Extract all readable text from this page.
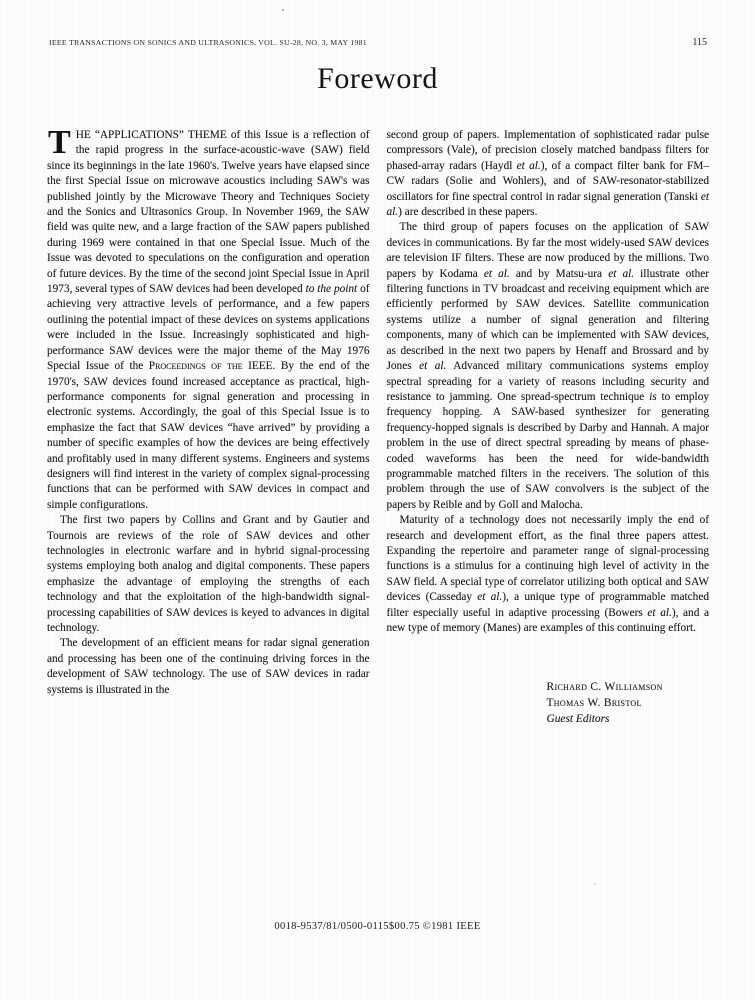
IEEE TRANSACTIONS ON SONICS AND ULTRASONICS, VOL. SU-28, NO. 3, MAY 1981	115
Foreword

THE “APPLICATIONS” THEME of this Issue is a reflection of the rapid progress in the surface-acoustic-wave (SAW) field since its beginnings in the late 1960's. Twelve years have elapsed since the first Special Issue on microwave acoustics including SAW's was published jointly by the Microwave Theory and Techniques Society and the Sonics and Ultrasonics Group. In November 1969, the SAW field was quite new, and a large fraction of the SAW papers published during 1969 were contained in that one Special Issue. Much of the Issue was devoted to speculations on the configuration and operation of future devices. By the time of the second joint Special Issue in April 1973, several types of SAW devices had been developed to the point of achieving very attractive levels of performance, and a few papers outlining the potential impact of these devices on systems applications were included in the Issue. Increasingly sophisticated and high-performance SAW devices were the major theme of the May 1976 Special Issue of the Proceedings of the IEEE. By the end of the 1970's, SAW devices found increased acceptance as practical, high-performance components for signal generation and processing in electronic systems. Accordingly, the goal of this Special Issue is to emphasize the fact that SAW devices “have arrived” by providing a number of specific examples of how the devices are being effectively and profitably used in many different systems. Engineers and systems designers will find interest in the variety of complex signal-processing functions that can be performed with SAW devices in compact and simple configurations.

The first two papers by Collins and Grant and by Gautier and Tournois are reviews of the role of SAW devices and other technologies in electronic warfare and in hybrid signal-processing systems employing both analog and digital components. These papers emphasize the advantage of employing the strengths of each technology and that the exploitation of the high-bandwidth signal-processing capabilities of SAW devices is keyed to advances in digital technology.

The development of an efficient means for radar signal generation and processing has been one of the continuing driving forces in the development of SAW technology. The use of SAW devices in radar systems is illustrated in the

second group of papers. Implementation of sophisticated radar pulse compressors (Vale), of precision closely matched bandpass filters for phased-array radars (Haydl et al.), of a compact filter bank for FM–CW radars (Solie and Wohlers), and of SAW-resonator-stabilized oscillators for fine spectral control in radar signal generation (Tanski et al.) are described in these papers.

The third group of papers focuses on the application of SAW devices in communications. By far the most widely-used SAW devices are television IF filters. These are now produced by the millions. Two papers by Kodama et al. and by Matsu-ura et al. illustrate other filtering functions in TV broadcast and receiving equipment which are efficiently performed by SAW devices. Satellite communication systems utilize a number of signal generation and filtering components, many of which can be implemented with SAW devices, as described in the next two papers by Henaff and Brossard and by Jones et al. Advanced military communications systems employ spectral spreading for a variety of reasons including security and resistance to jamming. One spread-spectrum technique is to employ frequency hopping. A SAW-based synthesizer for generating frequency-hopped signals is described by Darby and Hannah. A major problem in the use of direct spectral spreading by means of phase-coded waveforms has been the need for wide-bandwidth programmable matched filters in the receivers. The solution of this problem through the use of SAW convolvers is the subject of the papers by Reible and by Goll and Malocha.

Maturity of a technology does not necessarily imply the end of research and development effort, as the final three papers attest. Expanding the repertoire and parameter range of signal-processing functions is a stimulus for a continuing high level of activity in the SAW field. A special type of correlator utilizing both optical and SAW devices (Casseday et al.), a unique type of programmable matched filter especially useful in adaptive processing (Bowers et al.), and a new type of memory (Manes) are examples of this continuing effort.

Richard C. Williamson
Thomas W. Bristol
Guest Editors
0018-9537/81/0500-0115$00.75 ©1981 IEEE
